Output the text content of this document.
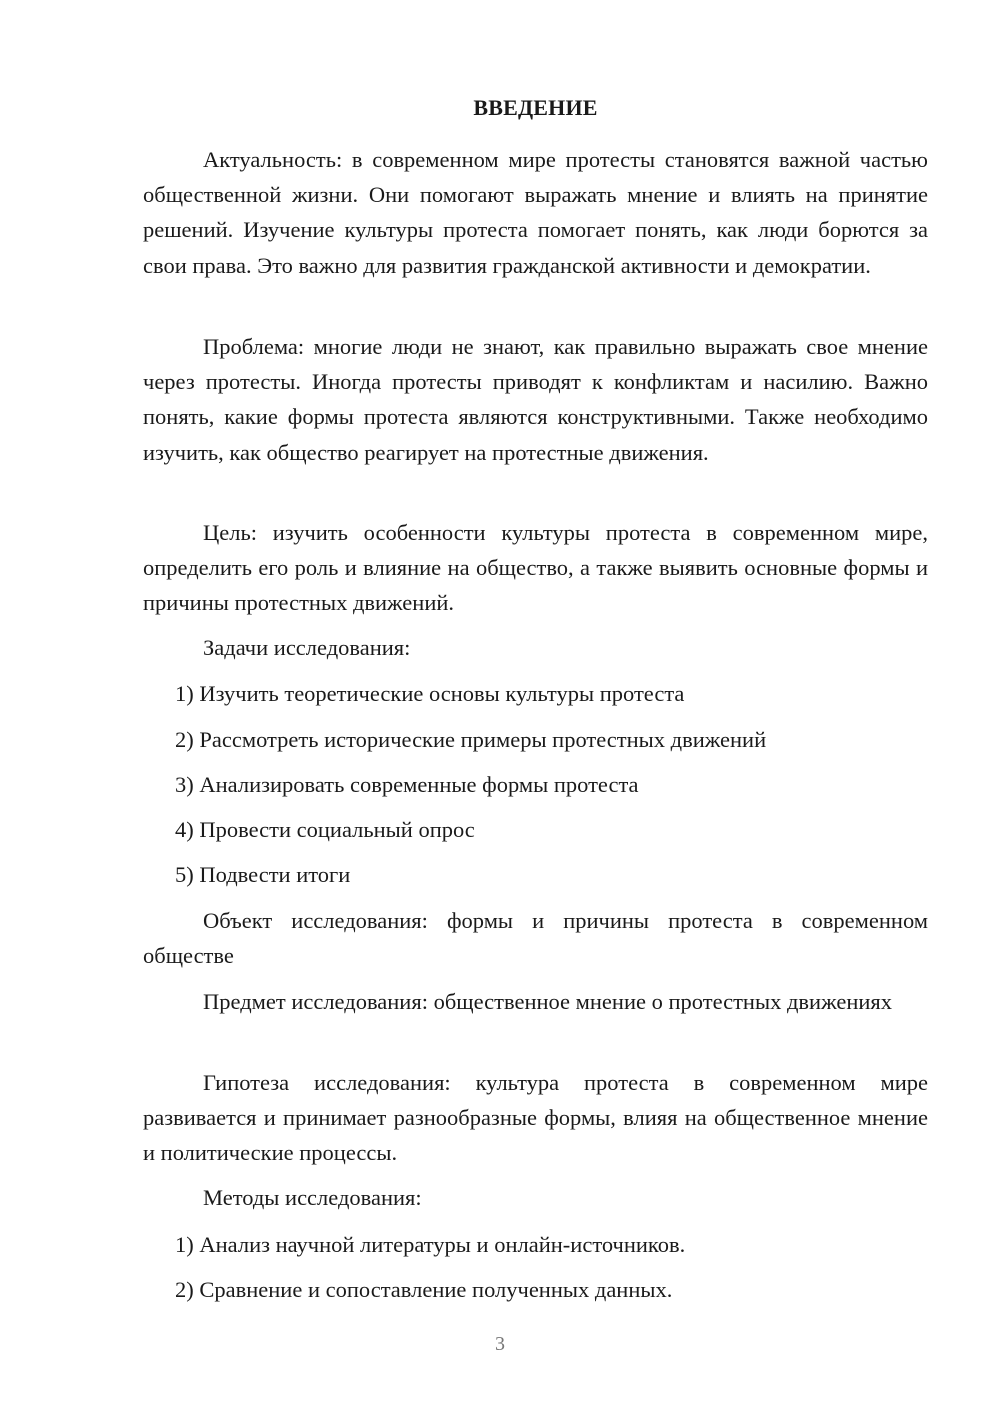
ВВЕДЕНИЕ

Актуальность: в современном мире протесты становятся важной частью общественной жизни. Они помогают выражать мнение и влиять на принятие решений. Изучение культуры протеста помогает понять, как люди борются за свои права. Это важно для развития гражданской активности и демократии.

Проблема: многие люди не знают, как правильно выражать свое мнение через протесты. Иногда протесты приводят к конфликтам и насилию. Важно понять, какие формы протеста являются конструктивными. Также необходимо изучить, как общество реагирует на протестные движения.

Цель: изучить особенности культуры протеста в современном мире, определить его роль и влияние на общество, а также выявить основные формы и причины протестных движений.

Задачи исследования:

1) Изучить теоретические основы культуры протеста

2) Рассмотреть исторические примеры протестных движений

3) Анализировать современные формы протеста

4) Провести социальный опрос

5) Подвести итоги

Объект исследования: формы и причины протеста в современном обществе

Предмет исследования: общественное мнение о протестных движениях

Гипотеза исследования: культура протеста в современном мире развивается и принимает разнообразные формы, влияя на общественное мнение и политические процессы.

Методы исследования:

1) Анализ научной литературы и онлайн-источников.

2) Сравнение и сопоставление полученных данных.

3
